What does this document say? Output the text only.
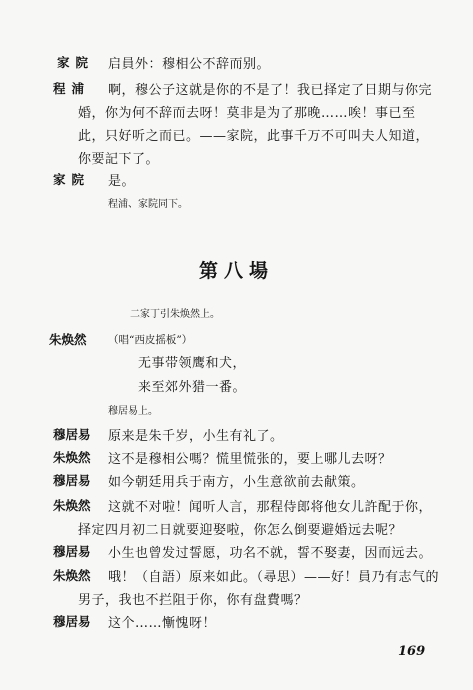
家院 启員外：穆相公不辞而别。
程浦 啊，穆公子这就是你的不是了！我已择定了日期与你完
婚，你为何不辞而去呀！莫非是为了那晚……唉！事已至
此，只好听之而已。——家院，此事千万不可叫夫人知道，
你要記下了。
家院 是。
程浦、家院同下。
第八場
二家丁引朱焕然上。
朱焕然 （唱“西皮摇板”）
无事带领鹰和犬，
来至郊外猎一番。
穆居易上。
穆居易 原来是朱千岁，小生有礼了。
朱焕然 这不是穆相公嗎？慌里慌张的，要上哪儿去呀？
穆居易 如今朝廷用兵于南方，小生意欲前去献策。
朱焕然 这就不对啦！闻听人言，那程侍郎将他女儿許配于你，
择定四月初二日就要迎娶啦，你怎么倒要避婚远去呢？
穆居易 小生也曾发过誓愿，功名不就，誓不娶妻，因而远去。
朱焕然 哦！（自語）原来如此。（尋思）——好！員乃有志气的
男子，我也不拦阻于你，你有盘費嗎？
穆居易 这个……慚愧呀！
169
